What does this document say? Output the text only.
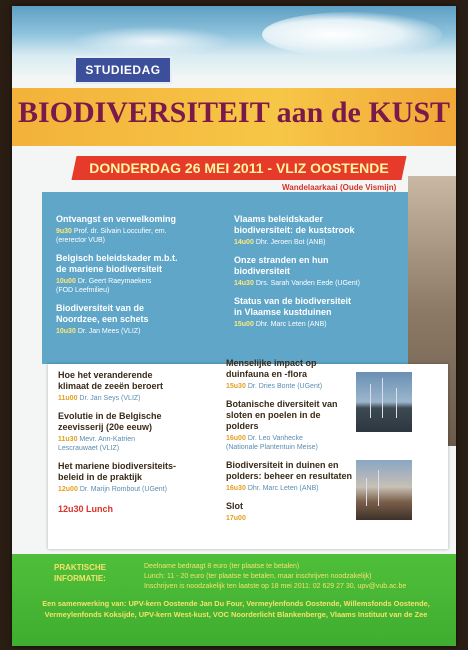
STUDIEDAG
BIODIVERSITEIT aan de KUST
DONDERDAG 26 MEI 2011 - VLIZ OOSTENDE
Wandelaarkaai (Oude Vismijn)

Ontvangst en verwelkoming

9u30 Prof. dr. Silvain Loccufier, em.
(ererector VUB)

Belgisch beleidskader m.b.t.
de mariene biodiversiteit

10u00 Dr. Geert Raeymaekers
(FOD Leefmilieu)

Biodiversiteit van de
Noordzee, een schets

10u30 Dr. Jan Mees (VLIZ)

Vlaams beleidskader
biodiversiteit: de kuststrook

14u00 Dhr. Jeroen Bot (ANB)

Onze stranden en hun
biodiversiteit

14u30 Drs. Sarah Vanden Eede (UGent)

Status van de biodiversiteit
in Vlaamse kustduinen

15u00 Dhr. Marc Leten (ANB)

Hoe het veranderende
klimaat de zeeën beroert

11u00 Dr. Jan Seys (VLIZ)

Evolutie in de Belgische
zeevisserij (20e eeuw)

11u30 Mevr. Ann-Katrien
Lescrauwaet (VLIZ)

Het mariene biodiversiteits-
beleid in de praktijk

12u00 Dr. Marijn Rombout (UGent)

12u30 Lunch

Menselijke impact op
duinfauna en -flora

15u30 Dr. Dries Bonte (UGent)

Botanische diversiteit van
sloten en poelen in de polders

16u00 Dr. Leo Vanhecke
(Nationale Plantentuin Meise)

Biodiversiteit in duinen en
polders: beheer en resultaten

16u30 Dhr. Marc Leten (ANB)

Slot

17u00

PRAKTISCHE
INFORMATIE:
Deelname bedraagt 8 euro (ter plaatse te betalen)
Lunch: 11 - 20 euro (ter plaatse te betalen, maar inschrijven noodzakelijk)
Inschrijven is noodzakelijk ten laatste op 18 mei 2011: 02 629 27 30, upv@vub.ac.be
Een samenwerking van: UPV-kern Oostende Jan Du Four, Vermeylenfonds Oostende, Willemsfonds Oostende,
Vermeylenfonds Koksijde, UPV-kern West-kust, VOC Noorderlicht Blankenberge, Vlaams Instituut van de Zee
